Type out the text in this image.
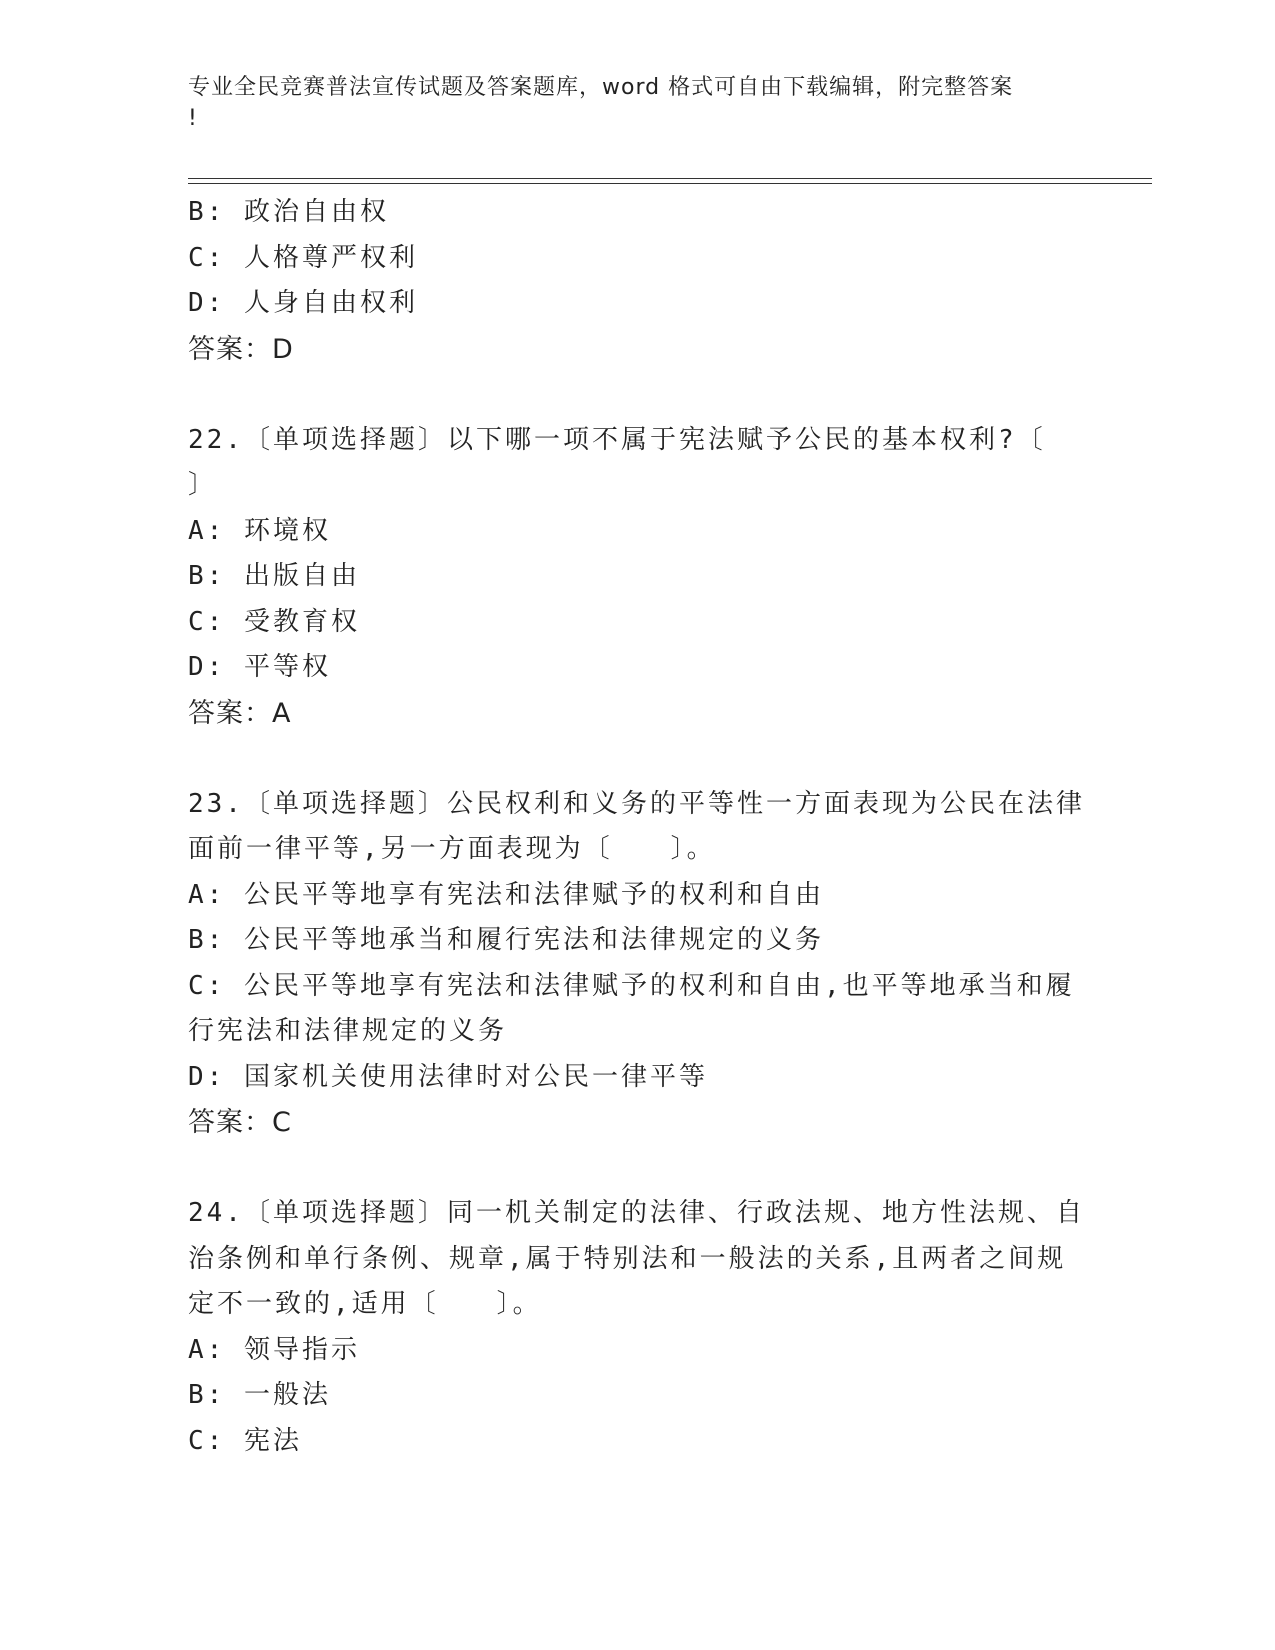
专业全民竞赛普法宣传试题及答案题库，word 格式可自由下载编辑，附完整答案
!
B: 政治自由权
C: 人格尊严权利
D: 人身自由权利
答案：D
22.〔单项选择题〕以下哪一项不属于宪法赋予公民的基本权利?〔
〕
A: 环境权
B: 出版自由
C: 受教育权
D: 平等权
答案：A
23.〔单项选择题〕公民权利和义务的平等性一方面表现为公民在法律
面前一律平等,另一方面表现为〔　　〕。
A: 公民平等地享有宪法和法律赋予的权利和自由
B: 公民平等地承当和履行宪法和法律规定的义务
C: 公民平等地享有宪法和法律赋予的权利和自由,也平等地承当和履
行宪法和法律规定的义务
D: 国家机关使用法律时对公民一律平等
答案：C
24.〔单项选择题〕同一机关制定的法律、行政法规、地方性法规、自
治条例和单行条例、规章,属于特别法和一般法的关系,且两者之间规
定不一致的,适用〔　　〕。
A: 领导指示
B: 一般法
C: 宪法
